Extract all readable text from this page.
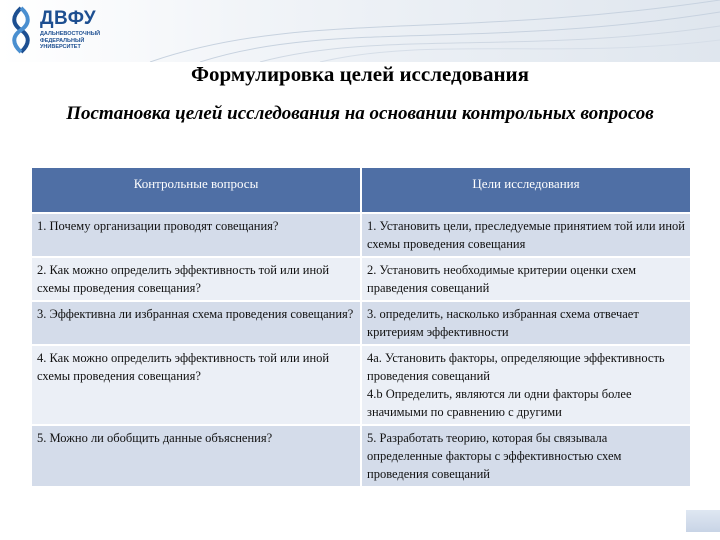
ДВФУ
ДАЛЬНЕВОСТОЧНЫЙ ФЕДЕРАЛЬНЫЙ УНИВЕРСИТЕТ
Формулировка целей исследования
Постановка целей исследования на основании контрольных вопросов
Контрольные вопросы	Цели исследования
1. Почему организации проводят совещания?	1. Установить цели, преследуемые принятием той или иной схемы проведения совещания
2. Как можно определить эффективность той или иной схемы проведения совещания?	2. Установить необходимые критерии оценки схем праведения совещаний
3. Эффективна ли избранная схема проведения совещания?	3. определить, насколько избранная схема отвечает критериям эффективности
4. Как можно определить эффективность той или иной схемы проведения совещания?	4a. Установить факторы, определяющие эффективность проведения совещаний
4.b Определить, являются ли одни факторы более значимыми по сравнению с другими
5. Можно ли обобщить данные объяснения?	5. Разработать теорию, которая бы связывала определенные факторы с эффективностью схем проведения совещаний
